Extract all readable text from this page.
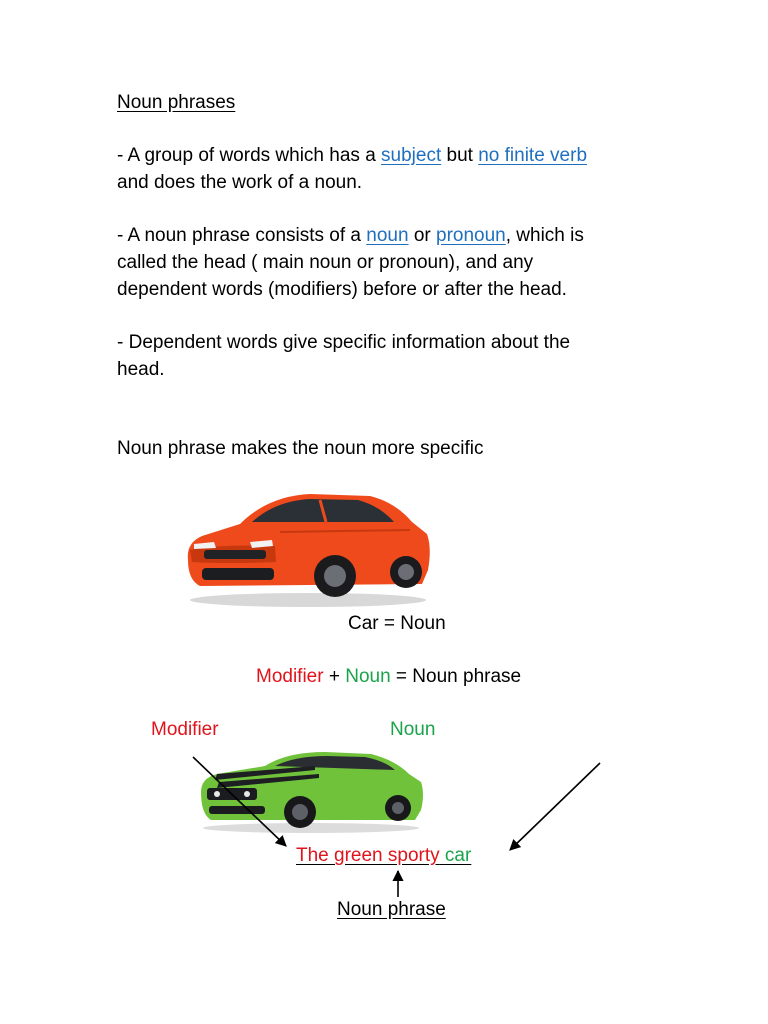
Noun phrases
- A group of words which has a subject but no finite verb
and does the work of a noun.
- A noun phrase consists of a noun or pronoun, which is
called the head ( main noun or pronoun), and any
dependent words (modifiers) before or after the head.
- Dependent words give specific information about the
head.
Noun phrase makes the noun more specific
Car = Noun
Modifier + Noun = Noun phrase
Modifier	Noun
The green sporty car
Noun phrase
